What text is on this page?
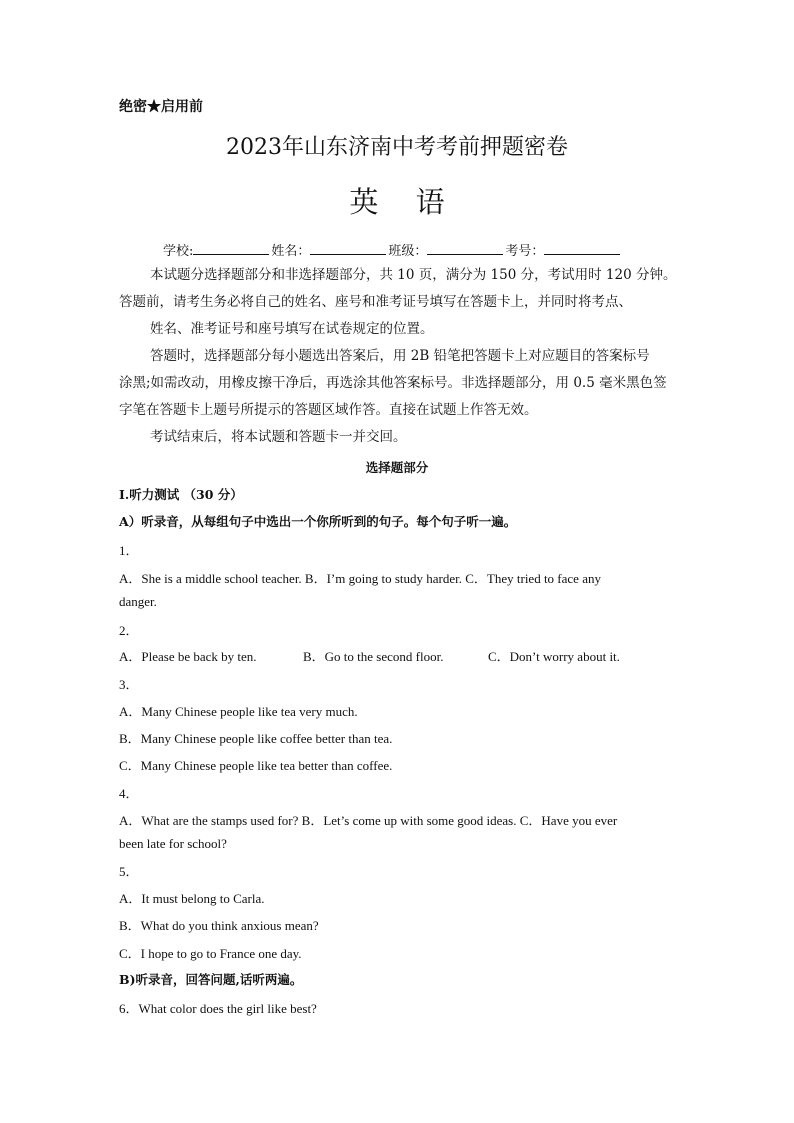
绝密★启用前
2023年山东济南中考考前押题密卷
英 语
学校:	姓名：	班级：	考号：
本试题分选择题部分和非选择题部分，共 10 页，满分为 150 分，考试用时 120 分钟。
答题前，请考生务必将自己的姓名、座号和准考证号填写在答题卡上，并同时将考点、
姓名、准考证号和座号填写在试卷规定的位置。
答题时，选择题部分每小题选出答案后，用 2B 铅笔把答题卡上对应题目的答案标号
涂黑;如需改动，用橡皮擦干净后，再选涂其他答案标号。非选择题部分，用 0.5 毫米黑色签
字笔在答题卡上题号所提示的答题区域作答。直接在试题上作答无效。
考试结束后，将本试题和答题卡一并交回。
选择题部分
I.听力测试 （30 分）
A）听录音，从每组句子中选出一个你所听到的句子。每个句子听一遍。
1．
A．She is a middle school teacher. B．I’m going to study harder. C．They tried to face any
danger.
2．
A．Please be back by ten.	B．Go to the second floor.	C．Don’t worry about it.
3．
A．Many Chinese people like tea very much.
B．Many Chinese people like coffee better than tea.
C．Many Chinese people like tea better than coffee.
4．
A．What are the stamps used for? B．Let’s come up with some good ideas. C．Have you ever
been late for school?
5．
A．It must belong to Carla.
B．What do you think anxious mean?
C．I hope to go to France one day.
B)听录音，回答问题,话听两遍。
6．What color does the girl like best?
